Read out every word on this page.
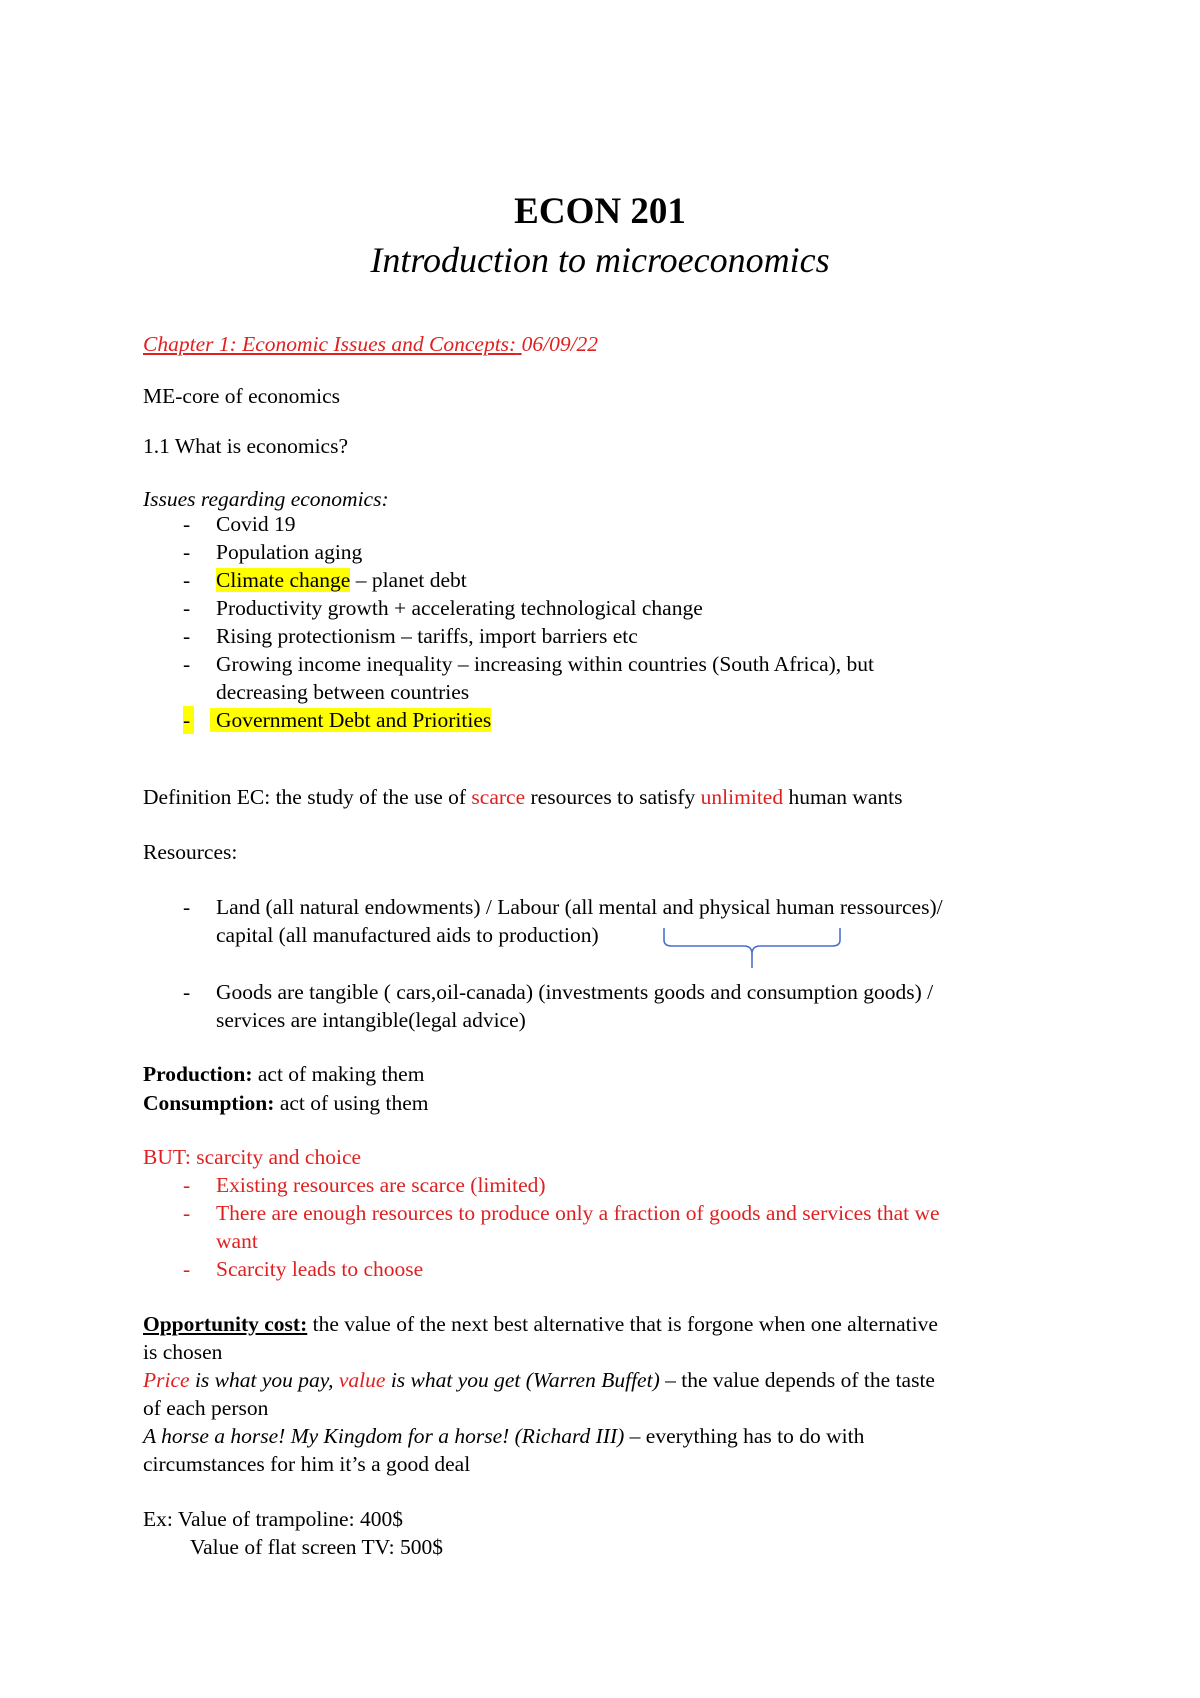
ECON 201
Introduction to microeconomics
Chapter 1: Economic Issues and Concepts: 06/09/22
ME-core of economics
1.1 What is economics?
Issues regarding economics:
- Covid 19
- Population aging
- Climate change – planet debt
- Productivity growth + accelerating technological change
- Rising protectionism – tariffs, import barriers etc
- Growing income inequality – increasing within countries (South Africa), but
decreasing between countries
- Government Debt and Priorities
Definition EC: the study of the use of scarce resources to satisfy unlimited human wants
Resources:
- Land (all natural endowments) / Labour (all mental and physical human ressources)/
capital (all manufactured aids to production)
- Goods are tangible ( cars,oil-canada) (investments goods and consumption goods) /
services are intangible(legal advice)
Production: act of making them
Consumption: act of using them
BUT: scarcity and choice
- Existing resources are scarce (limited)
- There are enough resources to produce only a fraction of goods and services that we
want
- Scarcity leads to choose
Opportunity cost: the value of the next best alternative that is forgone when one alternative
is chosen
Price is what you pay, value is what you get (Warren Buffet) – the value depends of the taste
of each person
A horse a horse! My Kingdom for a horse! (Richard III) – everything has to do with
circumstances for him it’s a good deal
Ex: Value of trampoline: 400$
Value of flat screen TV: 500$
